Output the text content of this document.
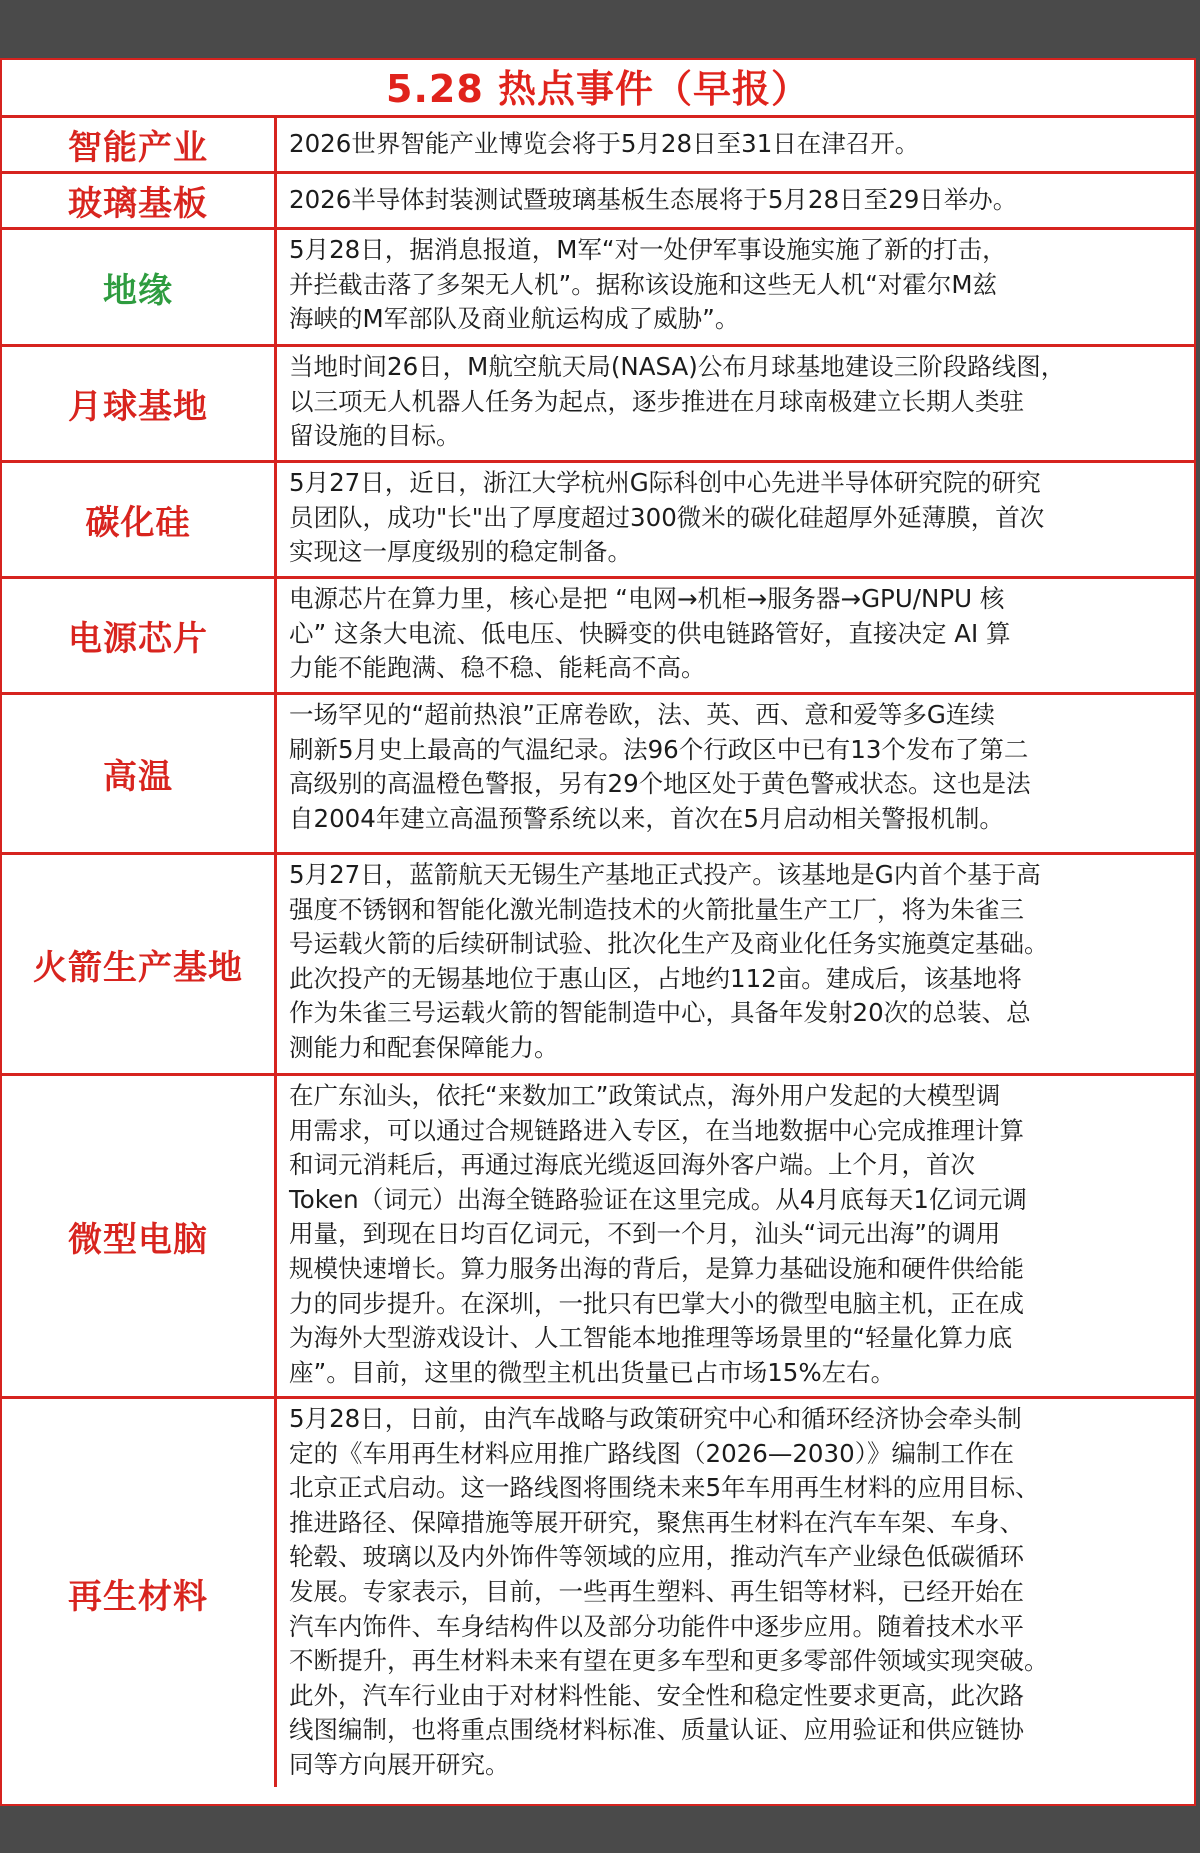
5.28 热点事件（早报）
智能产业	2026世界智能产业博览会将于5月28日至31日在津召开。
玻璃基板	2026半导体封装测试暨玻璃基板生态展将于5月28日至29日举办。
地缘
5月28日，据消息报道，M军“对一处伊军事设施实施了新的打击，
并拦截击落了多架无人机”。据称该设施和这些无人机“对霍尔M兹
海峡的M军部队及商业航运构成了威胁”。
月球基地
当地时间26日，M航空航天局(NASA)公布月球基地建设三阶段路线图，
以三项无人机器人任务为起点，逐步推进在月球南极建立长期人类驻
留设施的目标。
碳化硅
5月27日，近日，浙江大学杭州G际科创中心先进半导体研究院的研究
员团队，成功"长"出了厚度超过300微米的碳化硅超厚外延薄膜，首次
实现这一厚度级别的稳定制备。
电源芯片
电源芯片在算力里，核心是把 “电网→机柜→服务器→GPU/NPU 核
心” 这条大电流、低电压、快瞬变的供电链路管好，直接决定 AI 算
力能不能跑满、稳不稳、能耗高不高。
高温
一场罕见的“超前热浪”正席卷欧，法、英、西、意和爱等多G连续
刷新5月史上最高的气温纪录。法96个行政区中已有13个发布了第二
高级别的高温橙色警报，另有29个地区处于黄色警戒状态。这也是法
自2004年建立高温预警系统以来，首次在5月启动相关警报机制。
火箭生产基地
5月27日，蓝箭航天无锡生产基地正式投产。该基地是G内首个基于高
强度不锈钢和智能化激光制造技术的火箭批量生产工厂，将为朱雀三
号运载火箭的后续研制试验、批次化生产及商业化任务实施奠定基础。
此次投产的无锡基地位于惠山区，占地约112亩。建成后，该基地将
作为朱雀三号运载火箭的智能制造中心，具备年发射20次的总装、总
测能力和配套保障能力。
微型电脑
在广东汕头，依托“来数加工”政策试点，海外用户发起的大模型调
用需求，可以通过合规链路进入专区，在当地数据中心完成推理计算
和词元消耗后，再通过海底光缆返回海外客户端。上个月，首次
Token（词元）出海全链路验证在这里完成。从4月底每天1亿词元调
用量，到现在日均百亿词元，不到一个月，汕头“词元出海”的调用
规模快速增长。算力服务出海的背后，是算力基础设施和硬件供给能
力的同步提升。在深圳，一批只有巴掌大小的微型电脑主机，正在成
为海外大型游戏设计、人工智能本地推理等场景里的“轻量化算力底
座”。目前，这里的微型主机出货量已占市场15%左右。
再生材料
5月28日，日前，由汽车战略与政策研究中心和循环经济协会牵头制
定的《车用再生材料应用推广路线图（2026—2030）》编制工作在
北京正式启动。这一路线图将围绕未来5年车用再生材料的应用目标、
推进路径、保障措施等展开研究，聚焦再生材料在汽车车架、车身、
轮毂、玻璃以及内外饰件等领域的应用，推动汽车产业绿色低碳循环
发展。专家表示，目前，一些再生塑料、再生铝等材料，已经开始在
汽车内饰件、车身结构件以及部分功能件中逐步应用。随着技术水平
不断提升，再生材料未来有望在更多车型和更多零部件领域实现突破。
此外，汽车行业由于对材料性能、安全性和稳定性要求更高，此次路
线图编制，也将重点围绕材料标准、质量认证、应用验证和供应链协
同等方向展开研究。
